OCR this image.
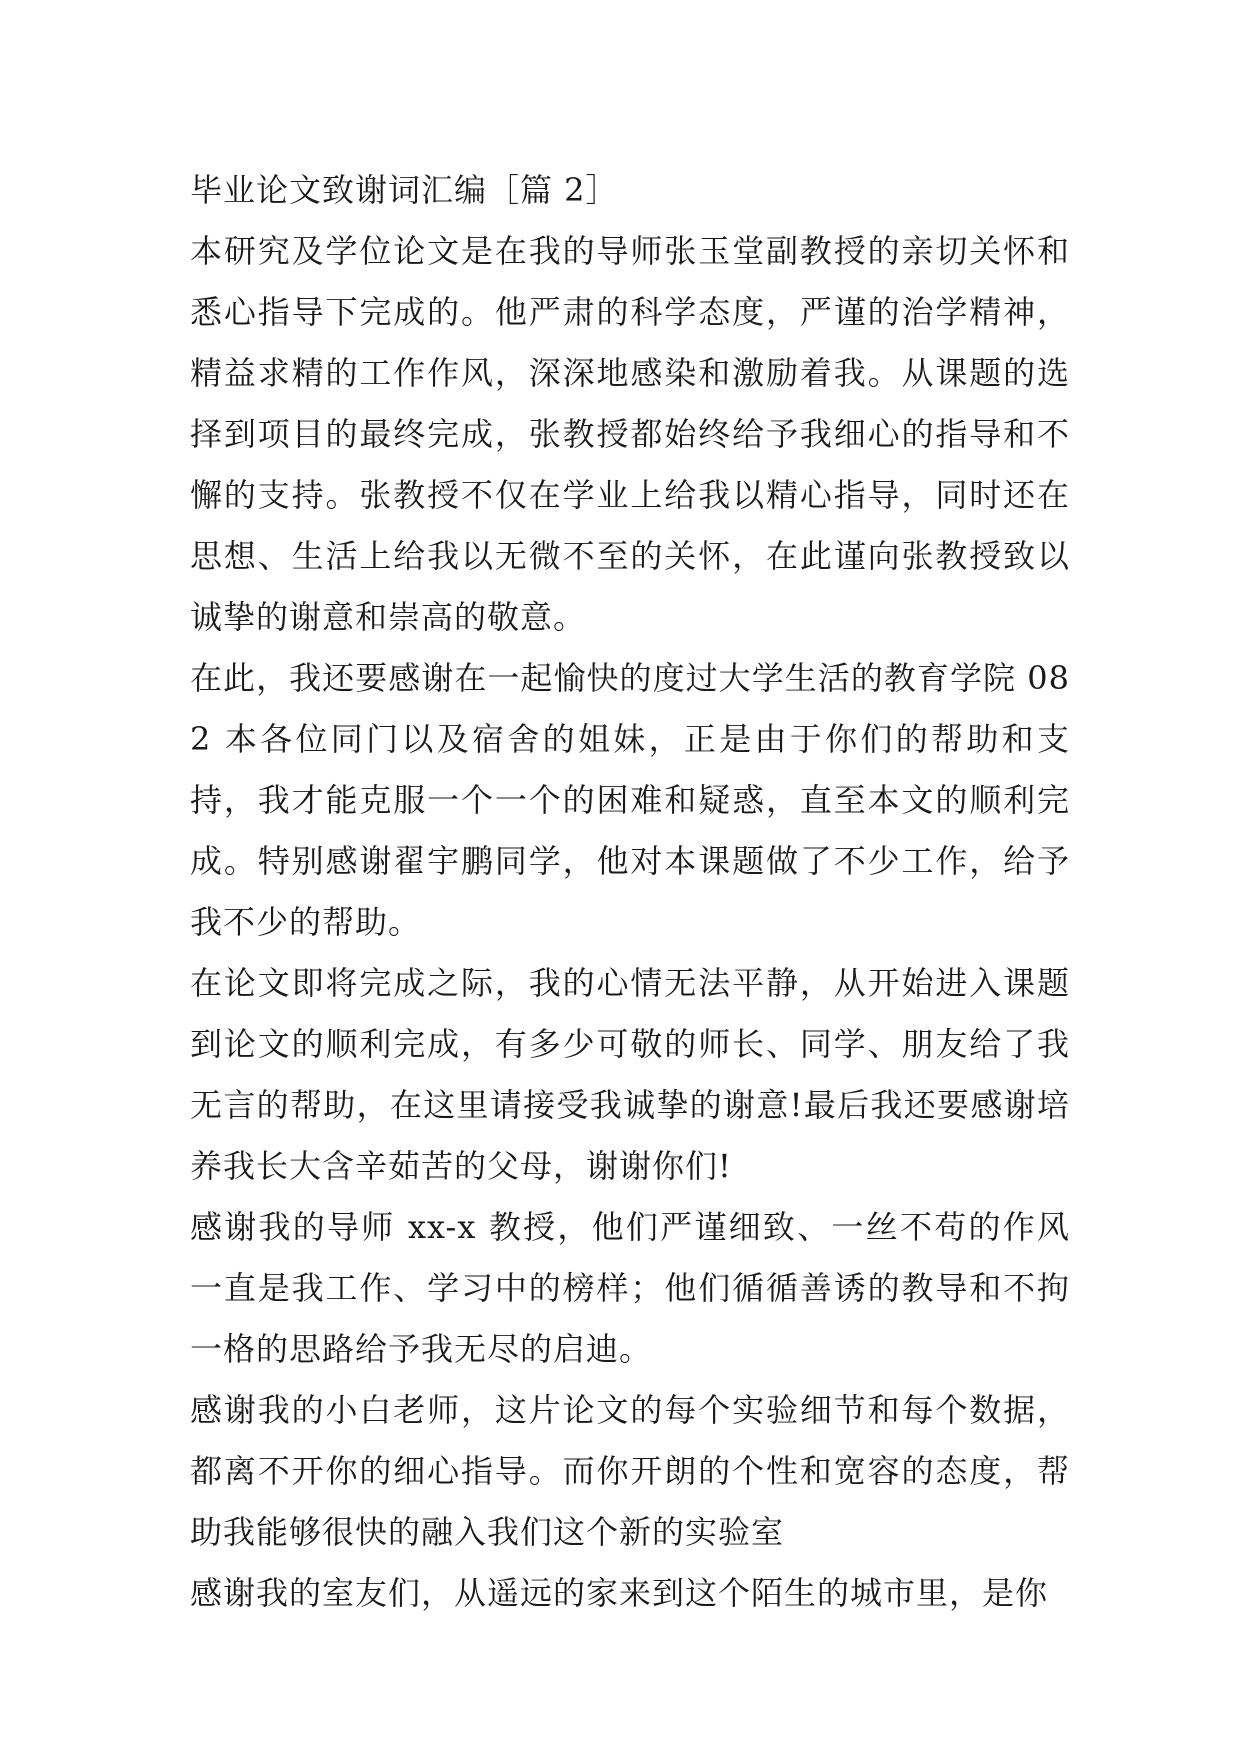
毕业论文致谢词汇编［篇 2］

本研究及学位论文是在我的导师张玉堂副教授的亲切关怀和悉心指导下完成的。他严肃的科学态度，严谨的治学精神，精益求精的工作作风，深深地感染和激励着我。从课题的选择到项目的最终完成，张教授都始终给予我细心的指导和不懈的支持。张教授不仅在学业上给我以精心指导，同时还在思想、生活上给我以无微不至的关怀，在此谨向张教授致以诚挚的谢意和崇高的敬意。

在此，我还要感谢在一起愉快的度过大学生活的教育学院 082 本各位同门以及宿舍的姐妹，正是由于你们的帮助和支持，我才能克服一个一个的困难和疑惑，直至本文的顺利完成。特别感谢翟宇鹏同学，他对本课题做了不少工作，给予我不少的帮助。

在论文即将完成之际，我的心情无法平静，从开始进入课题到论文的顺利完成，有多少可敬的师长、同学、朋友给了我无言的帮助，在这里请接受我诚挚的谢意!最后我还要感谢培养我长大含辛茹苦的父母，谢谢你们!

感谢我的导师 xx-x 教授，他们严谨细致、一丝不苟的作风一直是我工作、学习中的榜样；他们循循善诱的教导和不拘一格的思路给予我无尽的启迪。

感谢我的小白老师，这片论文的每个实验细节和每个数据，都离不开你的细心指导。而你开朗的个性和宽容的态度，帮助我能够很快的融入我们这个新的实验室

感谢我的室友们，从遥远的家来到这个陌生的城市里，是你
